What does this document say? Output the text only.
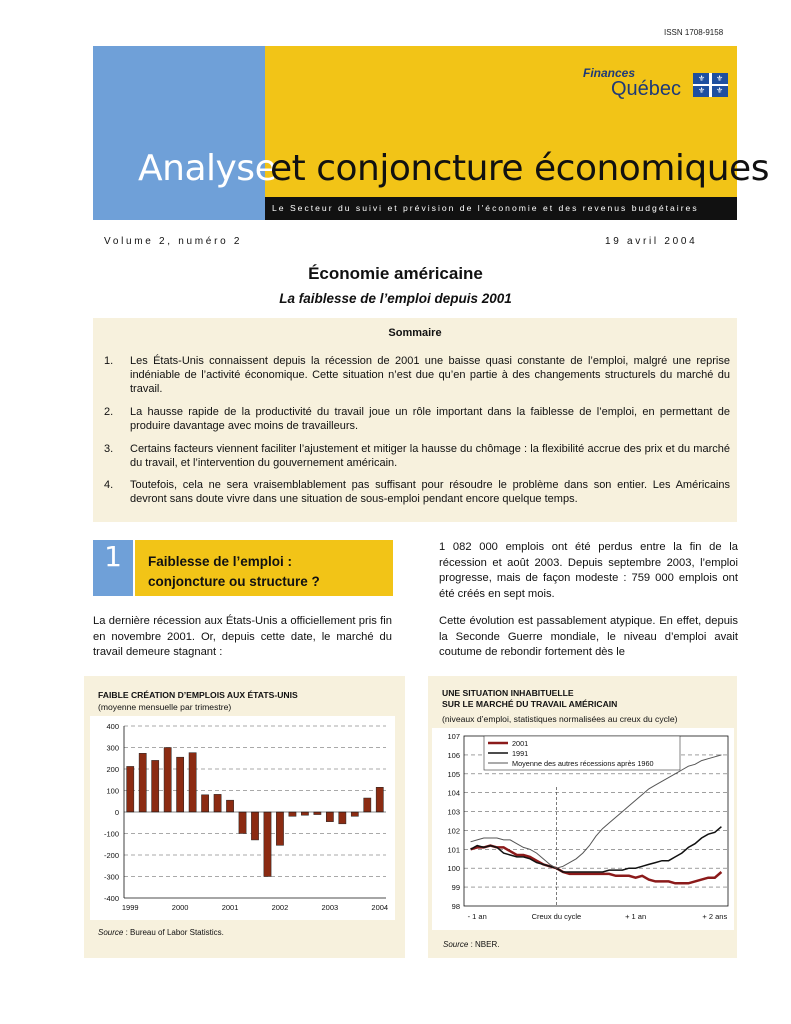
ISSN 1708-9158
Le Secteur du suivi et prévision de l'économie et des revenus budgétaires
Analyse
et conjoncture économiques
Finances
Québec ⚜ ⚜
⚜ ⚜
Volume 2, numéro 2	19 avril 2004
Économie américaine
La faiblesse de l’emploi depuis 2001
Sommaire
1. Les États-Unis connaissent depuis la récession de 2001 une baisse quasi constante de l’emploi, malgré une reprise indéniable de l’activité économique. Cette situation n’est due qu’en partie à des changements structurels du marché du travail.
2. La hausse rapide de la productivité du travail joue un rôle important dans la faiblesse de l’emploi, en permettant de produire davantage avec moins de travailleurs.
3. Certains facteurs viennent faciliter l’ajustement et mitiger la hausse du chômage : la flexibilité accrue des prix et du marché du travail, et l’intervention du gouvernement américain.
4. Toutefois, cela ne sera vraisemblablement pas suffisant pour résoudre le problème dans son entier. Les Américains devront sans doute vivre dans une situation de sous-emploi pendant encore quelque temps.
1	Faiblesse de l’emploi :
conjoncture ou structure ?
La dernière récession aux États-Unis a officiellement pris fin en novembre 2001. Or, depuis cette date, le marché du travail demeure stagnant :
1 082 000 emplois ont été perdus entre la fin de la récession et août 2003. Depuis septembre 2003, l’emploi progresse, mais de façon modeste : 759 000 emplois ont été créés en sept mois.
Cette évolution est passablement atypique. En effet, depuis la Seconde Guerre mondiale, le niveau d’emploi avait coutume de rebondir fortement dès le
FAIBLE CRÉATION D’EMPLOIS AUX ÉTATS-UNIS
(moyenne mensuelle par trimestre)
400
300
200
100
0
-100
-200
-300
-400
1999	2000	2001	2002	2003	2004
Source : Bureau of Labor Statistics.
UNE SITUATION INHABITUELLE
SUR LE MARCHÉ DU TRAVAIL AMÉRICAIN
(niveaux d’emploi, statistiques normalisées au creux du cycle)
107
106
105
104
103
102
101
100
99
98
- 1 an	Creux du cycle	+ 1 an	+ 2 ans
2001
1991
Moyenne des autres récessions après 1960
Source : NBER.
